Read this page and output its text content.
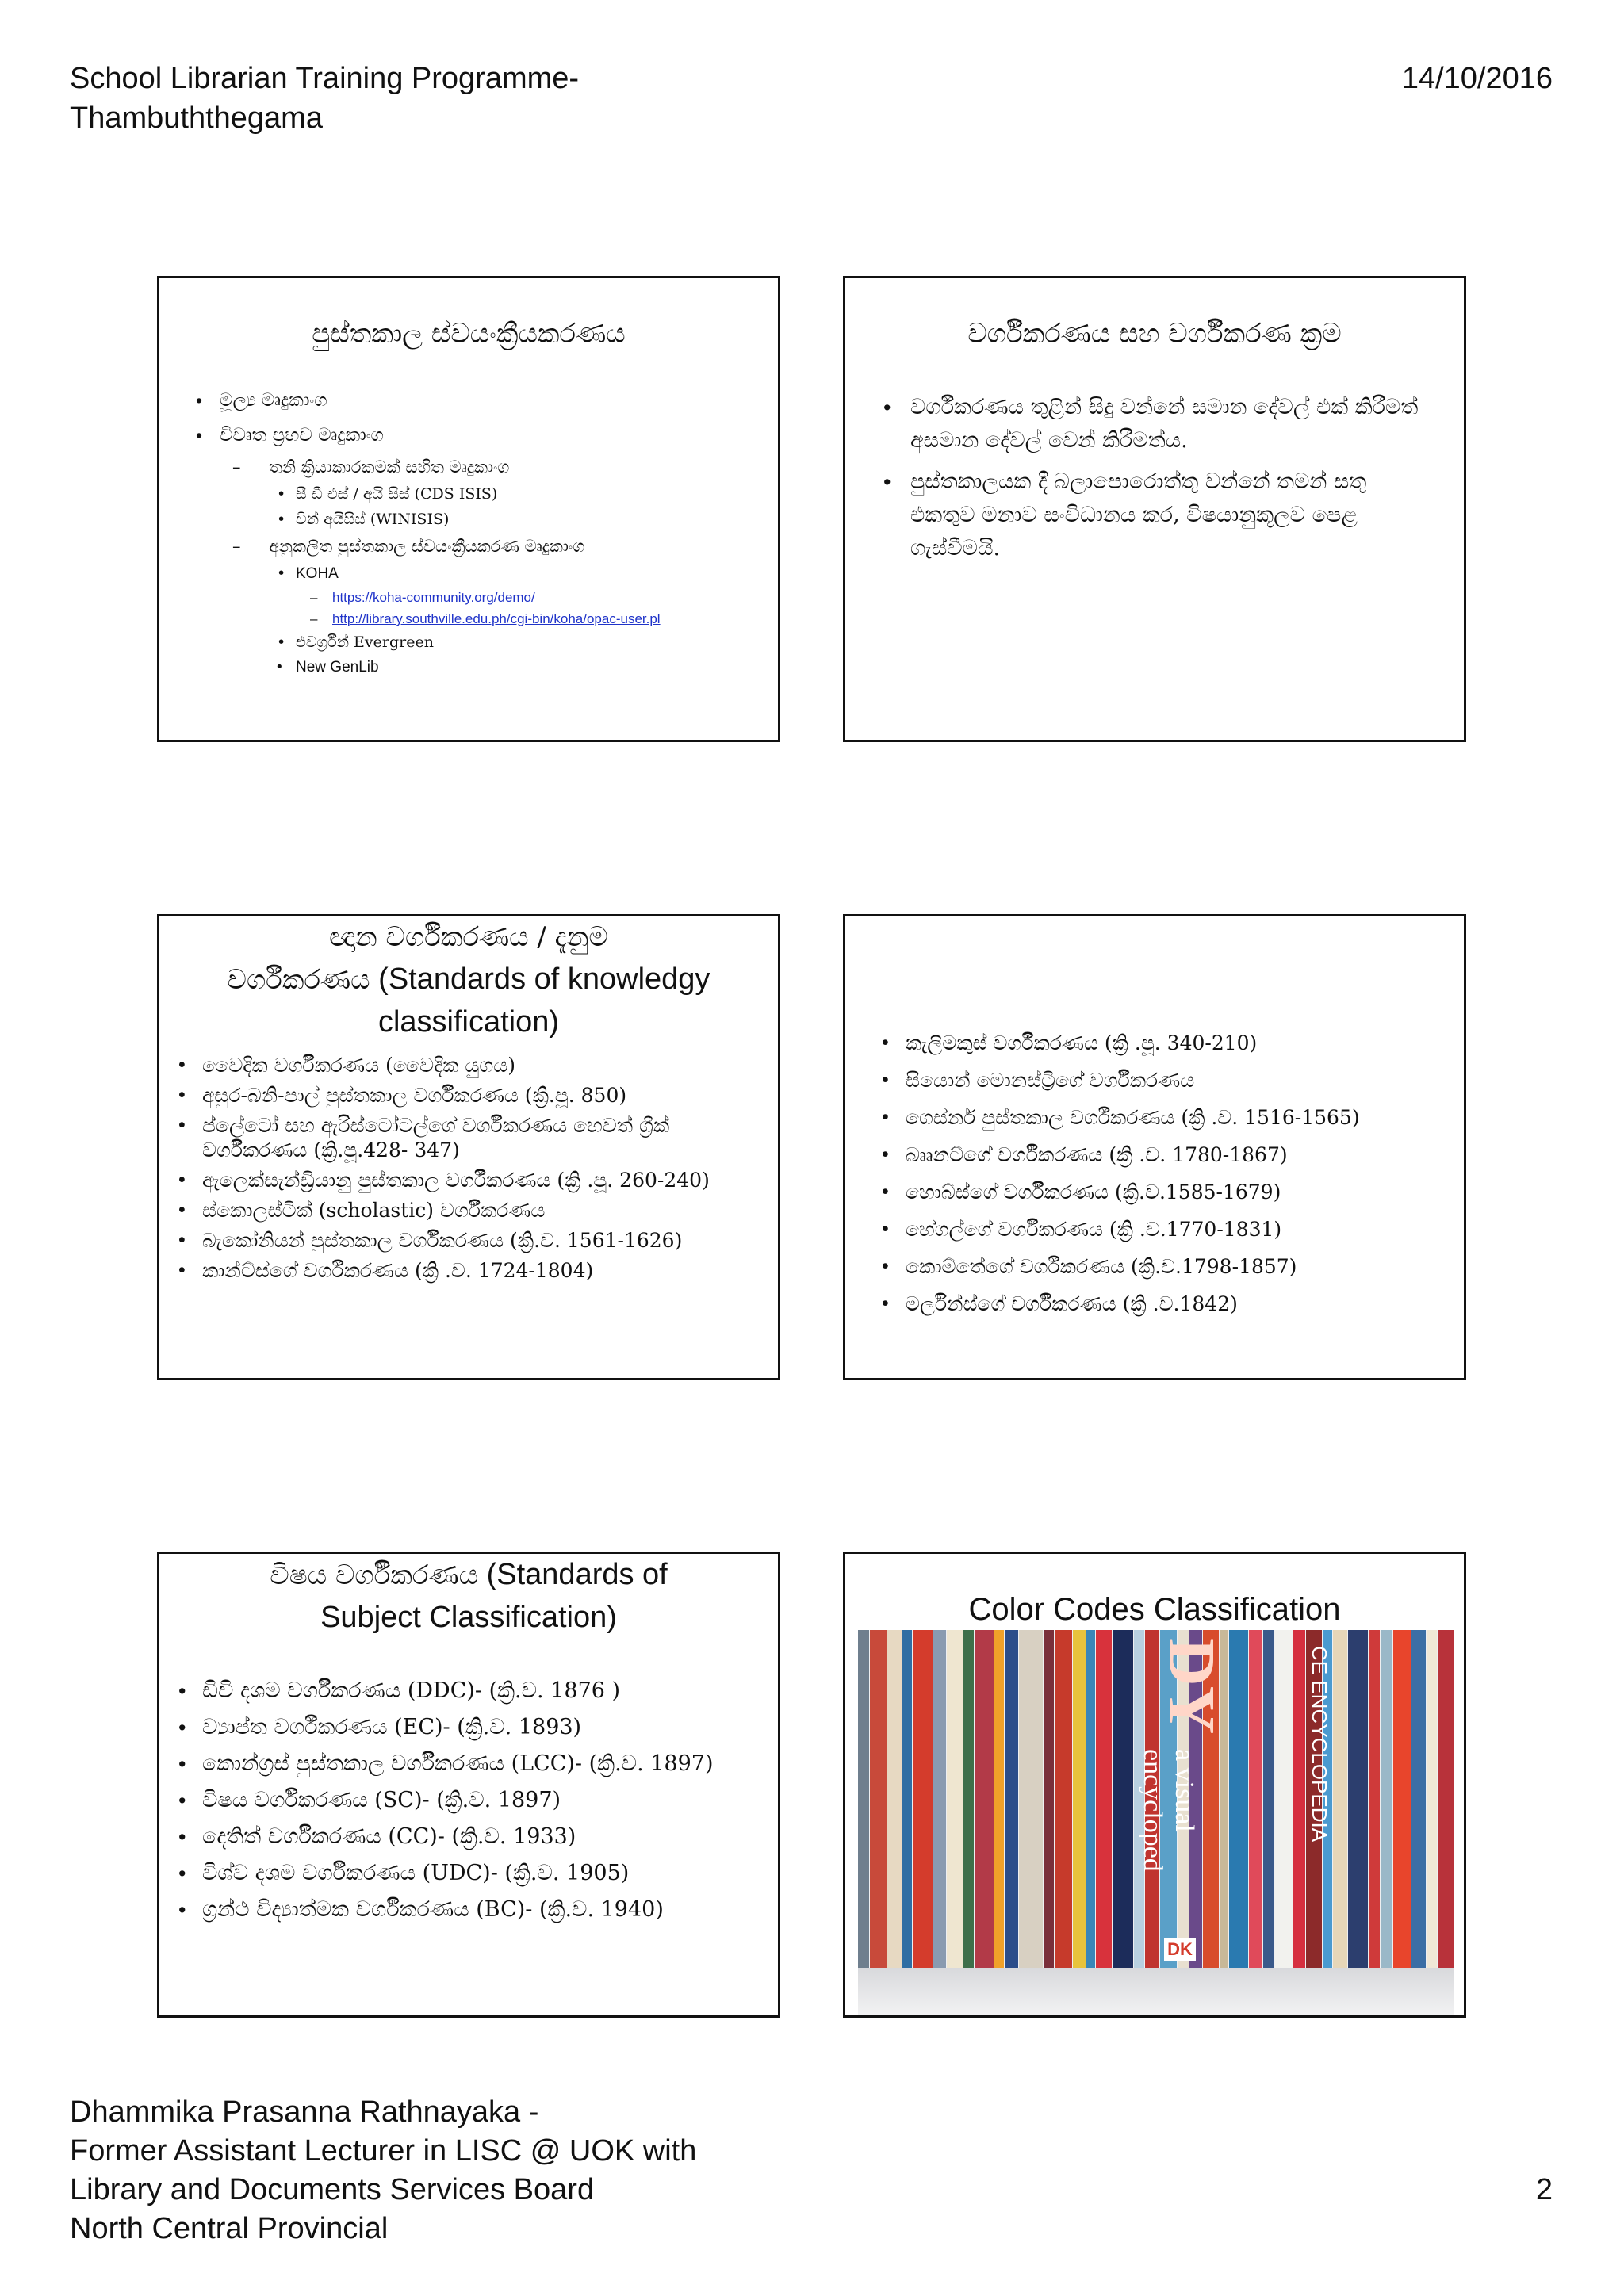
School Librarian Training Programme-
Thambuththegama
14/10/2016
පුස්තකාල ස්වයංක්‍රීයකරණය
• මූල්‍ය මෘදුකාංග
• විවෘත ප්‍රභව මෘදුකාංග
– තනි ක්‍රියාකාරකමක් සහිත මෘදුකාංග
• සී ඩී එස් / අයි සිස් (CDS ISIS)
• වින් අයිසිස් (WINISIS)
– අනුකලිත පුස්තකාල ස්වයංක්‍රීයකරණ මෘදුකාංග
• KOHA
– https://koha-community.org/demo/
– http://library.southville.edu.ph/cgi-bin/koha/opac-user.pl
• එවර්ග්‍රීන් Evergreen
• New GenLib
වර්ගීකරණය සහ වර්ගීකරණ ක්‍රම
• වර්ගීකරණය තුළින් සිදු වන්නේ සමාන දේවල් එක් කිරීමත් අසමාන දේවල් වෙන් කිරීමත්ය.
• පුස්තකාලයක දී බලාපොරොත්තු වන්නේ තමන් සතු එකතුව මනාව සංවිධානය කර, විෂයානුකූලව පෙළ ගැස්වීමයි.
ඥාන වර්ගීකරණය / දැනුම
වර්ගීකරණය (Standards of knowledgy
classification)
• වෛදික වර්ගීකරණය (වෛදික යුගය)
• අසුර-බනි-පාල් පුස්තකාල වර්ගීකරණය (ක්‍රි.පූ. 850)
• ප්ලේටෝ සහ ඇරිස්ටෝටල්ගේ වර්ගීකරණය හෙවත් ග්‍රීක් වර්ගීකරණය (ක්‍රි.පූ.428- 347)
• ඇලෙක්සැන්ඩ්‍රියානු පුස්තකාල වර්ගීකරණය (ක්‍රි .පූ. 260-240)
• ස්කොලස්ටික් (scholastic) වර්ගීකරණය
• බැකෝනියන් පුස්තකාල වර්ගීකරණය (ක්‍රි.ව. 1561-1626)
• කාන්ට්ස්ගේ වර්ගීකරණය (ක්‍රි .ව. 1724-1804)
• කැලිමකුස් වර්ගීකරණය (ක්‍රි .පූ. 340-210)
• සියොන් මොනස්ට්‍රිගේ වර්ගීකරණය
• ගෙස්නර් පුස්තකාල වර්ගීකරණය (ක්‍රි .ව. 1516-1565)
• බෲනට්ගේ වර්ගීකරණය (ක්‍රි .ව. 1780-1867)
• හොබ්ස්ගේ වර්ගීකරණය (ක්‍රි.ව.1585-1679)
• හේගල්ගේ වර්ගීකරණය (ක්‍රි .ව.1770-1831)
• කොම්තේගේ වර්ගීකරණය (ක්‍රි.ව.1798-1857)
• මර්ලින්ස්ගේ වර්ගීකරණය (ක්‍රි .ව.1842)
විෂය වර්ගීකරණය (Standards of
Subject Classification)
• ඩිවි දශම වර්ගීකරණය (DDC)- (ක්‍රි.ව. 1876 )
• ව්‍යාප්ත වර්ගීකරණය (EC)- (ක්‍රි.ව. 1893)
• කොන්ග්‍රස් පුස්තකාල වර්ගීකරණය (LCC)- (ක්‍රි.ව. 1897)
• විෂය වර්ගීකරණය (SC)- (ක්‍රි.ව. 1897)
• දෙතිත් වර්ගීකරණය (CC)- (ක්‍රි.ව. 1933)
• විශ්ව දශම වර්ගීකරණය (UDC)- (ක්‍රි.ව. 1905)
• ග්‍රන්ථ විද්‍යාත්මක වර්ගීකරණය (BC)- (ක්‍රි.ව. 1940)
Color Codes Classification
DY
a visual
encycloped	CE ENCYCLOPEDIA
DK
Dhammika Prasanna Rathnayaka -
Former Assistant Lecturer in LISC @ UOK with
Library and Documents Services Board
North Central Provincial
2
